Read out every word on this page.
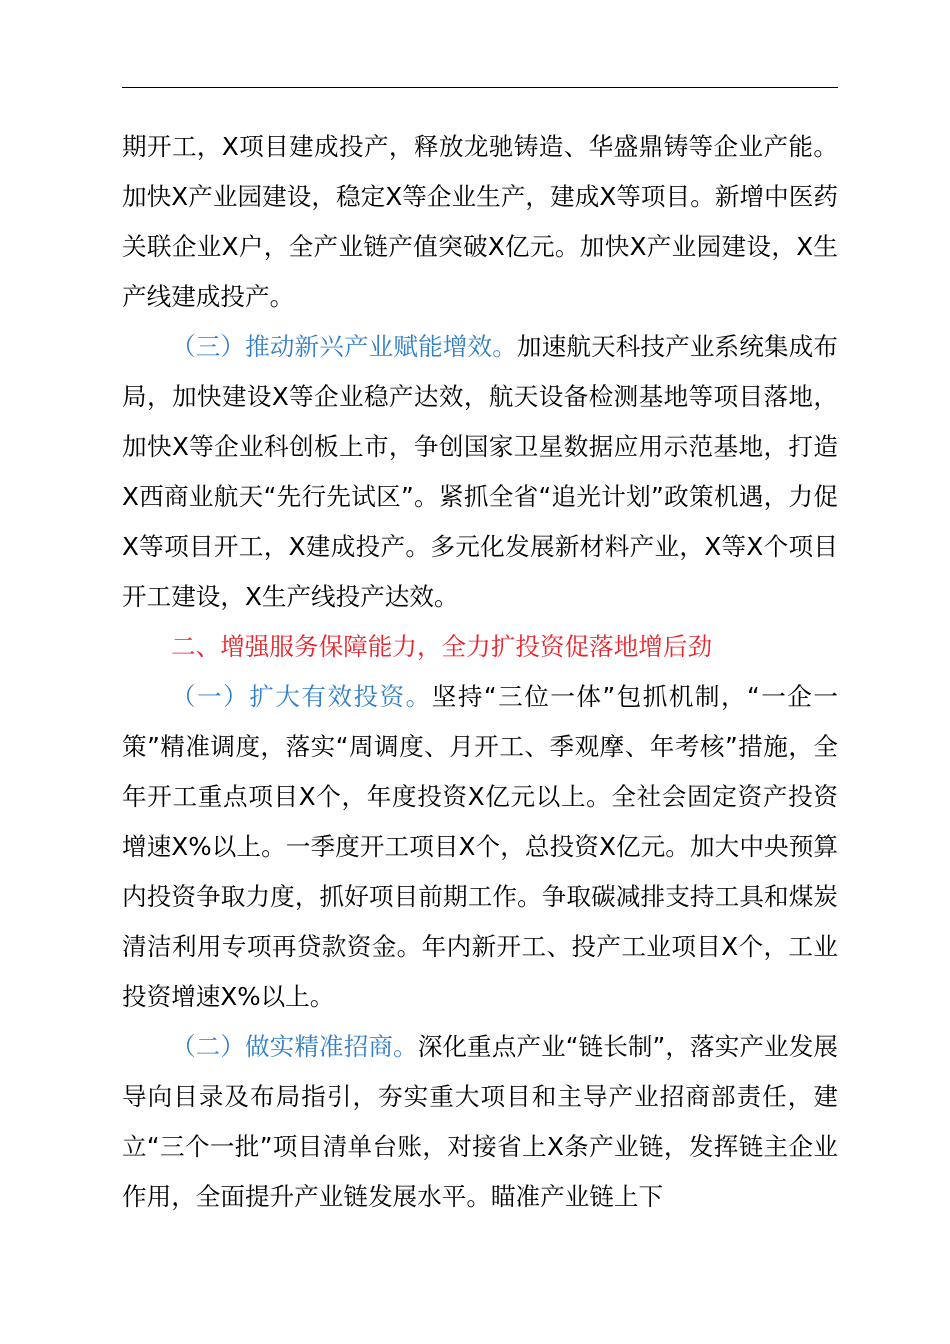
期开工，X项目建成投产，释放龙驰铸造、华盛鼎铸等企业产能。加快X产业园建设，稳定X等企业生产，建成X等项目。新增中医药关联企业X户，全产业链产值突破X亿元。加快X产业园建设，X生产线建成投产。

（三）推动新兴产业赋能增效。加速航天科技产业系统集成布局，加快建设X等企业稳产达效，航天设备检测基地等项目落地，加快X等企业科创板上市，争创国家卫星数据应用示范基地，打造X西商业航天“先行先试区”。紧抓全省“追光计划”政策机遇，力促X等项目开工，X建成投产。多元化发展新材料产业，X等X个项目开工建设，X生产线投产达效。

二、增强服务保障能力，全力扩投资促落地增后劲

（一）扩大有效投资。坚持“三位一体”包抓机制，“一企一策”精准调度，落实“周调度、月开工、季观摩、年考核”措施，全年开工重点项目X个，年度投资X亿元以上。全社会固定资产投资增速X%以上。一季度开工项目X个，总投资X亿元。加大中央预算内投资争取力度，抓好项目前期工作。争取碳减排支持工具和煤炭清洁利用专项再贷款资金。年内新开工、投产工业项目X个，工业投资增速X%以上。

（二）做实精准招商。深化重点产业“链长制”，落实产业发展导向目录及布局指引，夯实重大项目和主导产业招商部责任，建立“三个一批”项目清单台账，对接省上X条产业链，发挥链主企业作用，全面提升产业链发展水平。瞄准产业链上下
